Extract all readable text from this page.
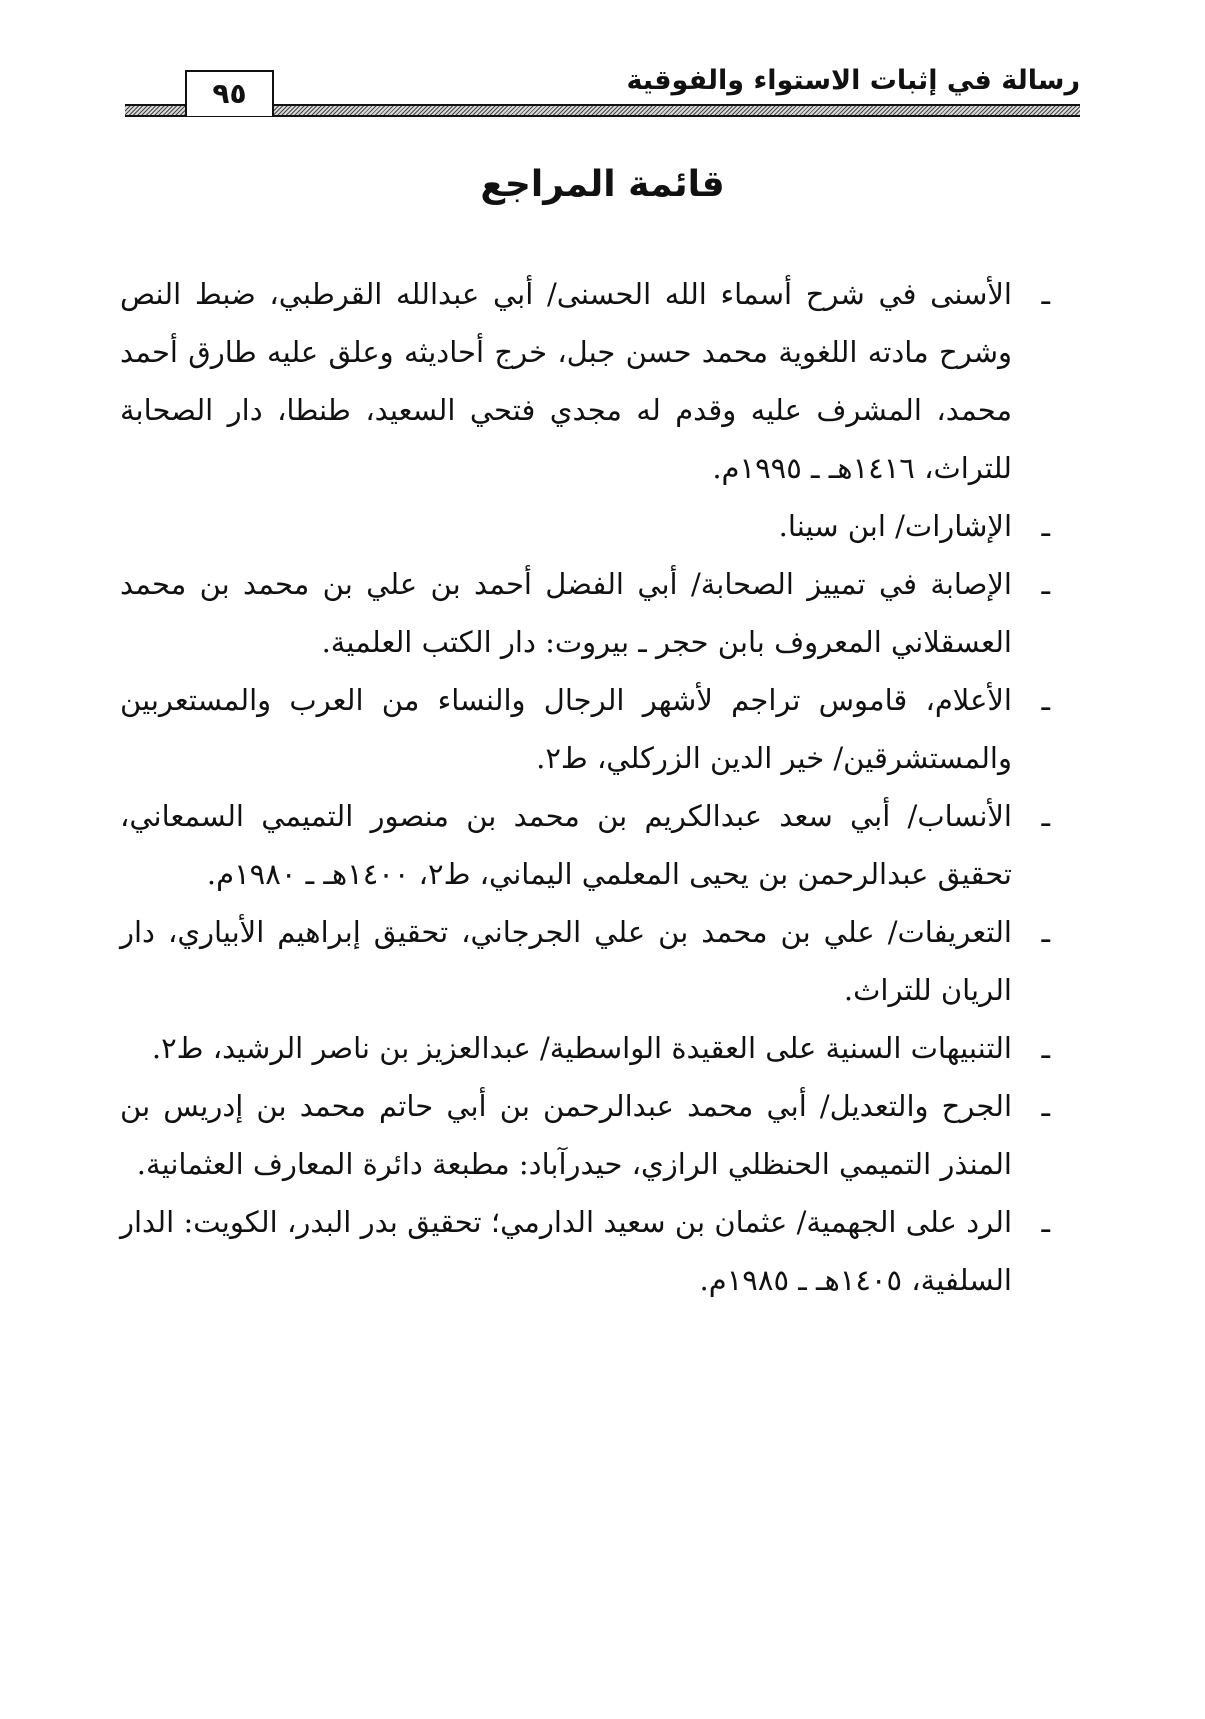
رسالة في إثبات الاستواء والفوقية
٩٥
قائمة المراجع
ـ
الأسنى في شرح أسماء الله الحسنى/ أبي عبدالله القرطبي، ضبط النص وشرح مادته اللغوية محمد حسن جبل، خرج أحاديثه وعلق عليه طارق أحمد محمد، المشرف عليه وقدم له مجدي فتحي السعيد، طنطا، دار الصحابة للتراث، ١٤١٦هـ ـ ١٩٩٥م.
ـ
الإشارات/ ابن سينا.
ـ
الإصابة في تمييز الصحابة/ أبي الفضل أحمد بن علي بن محمد بن محمد العسقلاني المعروف بابن حجر ـ بيروت: دار الكتب العلمية.
ـ
الأعلام، قاموس تراجم لأشهر الرجال والنساء من العرب والمستعربين والمستشرقين/ خير الدين الزركلي، ط٢.
ـ
الأنساب/ أبي سعد عبدالكريم بن محمد بن منصور التميمي السمعاني، تحقيق عبدالرحمن بن يحيى المعلمي اليماني، ط٢، ١٤٠٠هـ ـ ١٩٨٠م.
ـ
التعريفات/ علي بن محمد بن علي الجرجاني، تحقيق إبراهيم الأبياري، دار الريان للتراث.
ـ
التنبيهات السنية على العقيدة الواسطية/ عبدالعزيز بن ناصر الرشيد، ط٢.
ـ
الجرح والتعديل/ أبي محمد عبدالرحمن بن أبي حاتم محمد بن إدريس بن المنذر التميمي الحنظلي الرازي، حيدرآباد: مطبعة دائرة المعارف العثمانية.
ـ
الرد على الجهمية/ عثمان بن سعيد الدارمي؛ تحقيق بدر البدر، الكويت: الدار السلفية، ١٤٠٥هـ ـ ١٩٨٥م.
